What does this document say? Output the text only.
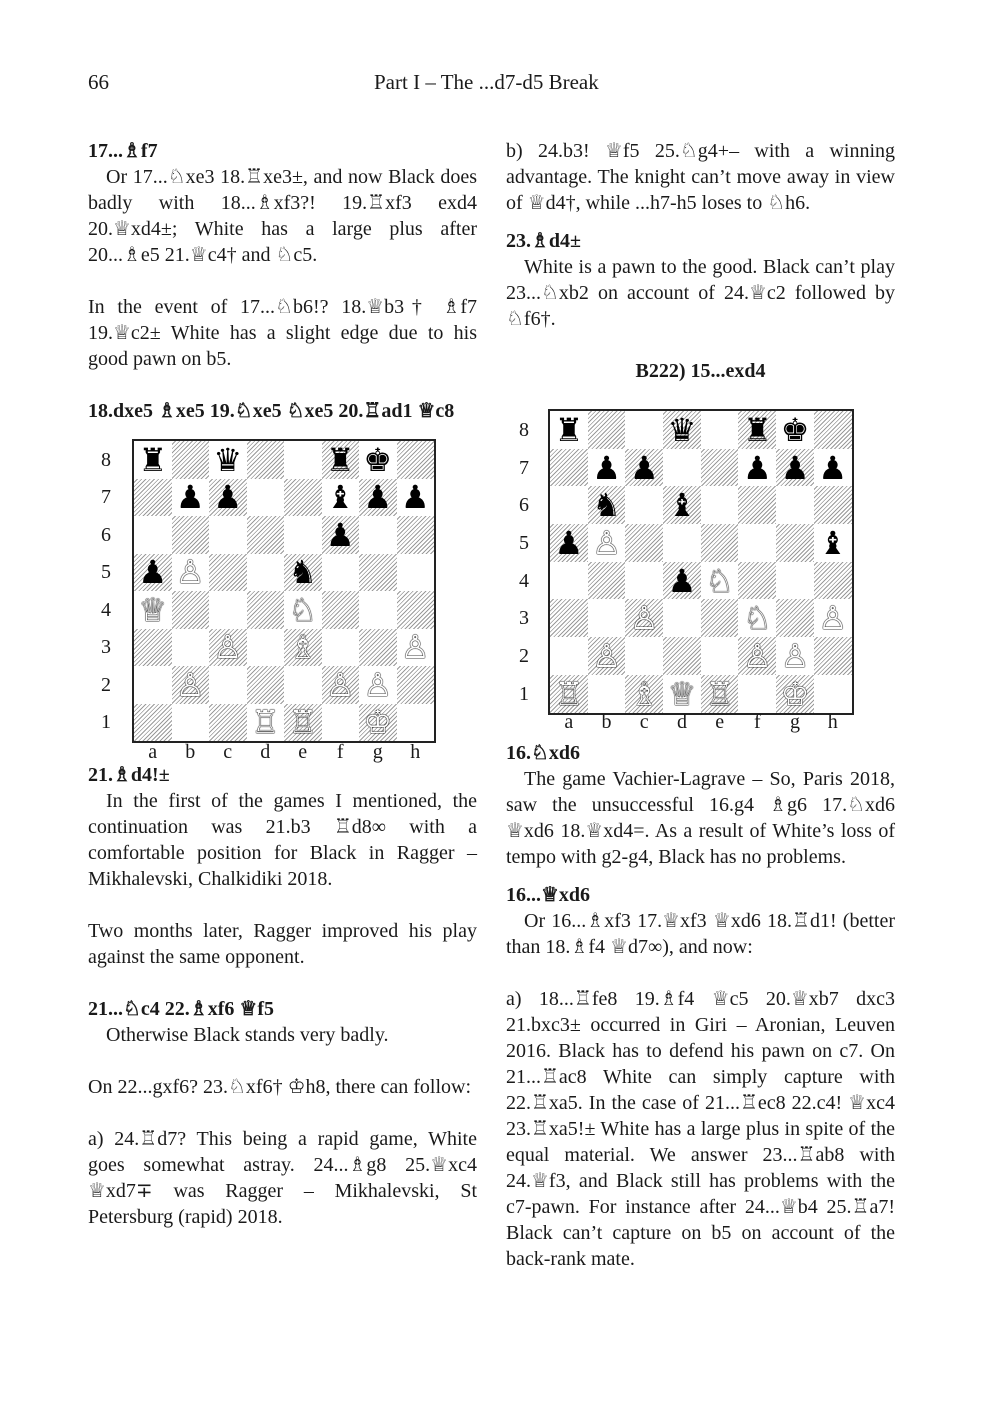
66	Part I – The ...d7-d5 Break

17...♗f7

Or 17...♘xe3 18.♖xe3±, and now Black does badly with 18...♗xf3?! 19.♖xf3 exd4 20.♕xd4±; White has a large plus after 20...♗e5 21.♕c4† and ♘c5.

In the event of 17...♘b6!? 18.♕b3† ♗f7 19.♕c2± White has a slight edge due to his good pawn on b5.

18.dxe5 ♗xe5 19.♘xe5 ♘xe5 20.♖ad1 ♕c8

♜ ♛	♜ ♚
♟ ♟	♝ ♟ ♟
♟
♟ ♙	♞
♕	♘
♙ ♗	♙
♙	♙ ♙
♖ ♖ ♔
8
7
6
5
4
3
2
1
a	b	c	d	e	f	g	h

21.♗d4!±

In the first of the games I mentioned, the continuation was 21.b3 ♖d8∞ with a comfortable position for Black in Ragger – Mikhalevski, Chalkidiki 2018.

Two months later, Ragger improved his play against the same opponent.

21...♘c4 22.♗xf6 ♕f5

Otherwise Black stands very badly.

On 22...gxf6? 23.♘xf6† ♔h8, there can follow:

a) 24.♖d7? This being a rapid game, White goes somewhat astray. 24...♗g8 25.♕xc4 ♕xd7∓ was Ragger – Mikhalevski, St Petersburg (rapid) 2018.

b) 24.b3! ♕f5 25.♘g4+– with a winning advantage. The knight can’t move away in view of ♕d4†, while ...h7-h5 loses to ♘h6.

23.♗d4±

White is a pawn to the good. Black can’t play 23...♘xb2 on account of 24.♕c2 followed by ♘f6†.

B222) 15...exd4

♜	♛ ♜ ♚
♟ ♟	♟ ♟ ♟
♞ ♝
♟ ♙	♝
♟ ♘
♙	♘ ♙
♙	♙ ♙
♖ ♗ ♕ ♖ ♔
8
7
6
5
4
3
2
1
a	b	c	d	e	f	g	h

16.♘xd6

The game Vachier-Lagrave – So, Paris 2018, saw the unsuccessful 16.g4 ♗g6 17.♘xd6 ♕xd6 18.♕xd4=. As a result of White’s loss of tempo with g2-g4, Black has no problems.

16...♕xd6

Or 16...♗xf3 17.♕xf3 ♕xd6 18.♖d1! (better than 18.♗f4 ♕d7∞), and now:

a) 18...♖fe8 19.♗f4 ♕c5 20.♕xb7 dxc3 21.bxc3± occurred in Giri – Aronian, Leuven 2016. Black has to defend his pawn on c7. On 21...♖ac8 White can simply capture with 22.♖xa5. In the case of 21...♖ec8 22.c4! ♕xc4 23.♖xa5!± White has a large plus in spite of the equal material. We answer 23...♖ab8 with 24.♕f3, and Black still has problems with the c7-pawn. For instance after 24...♕b4 25.♖a7! Black can’t capture on b5 on account of the back-rank mate.
